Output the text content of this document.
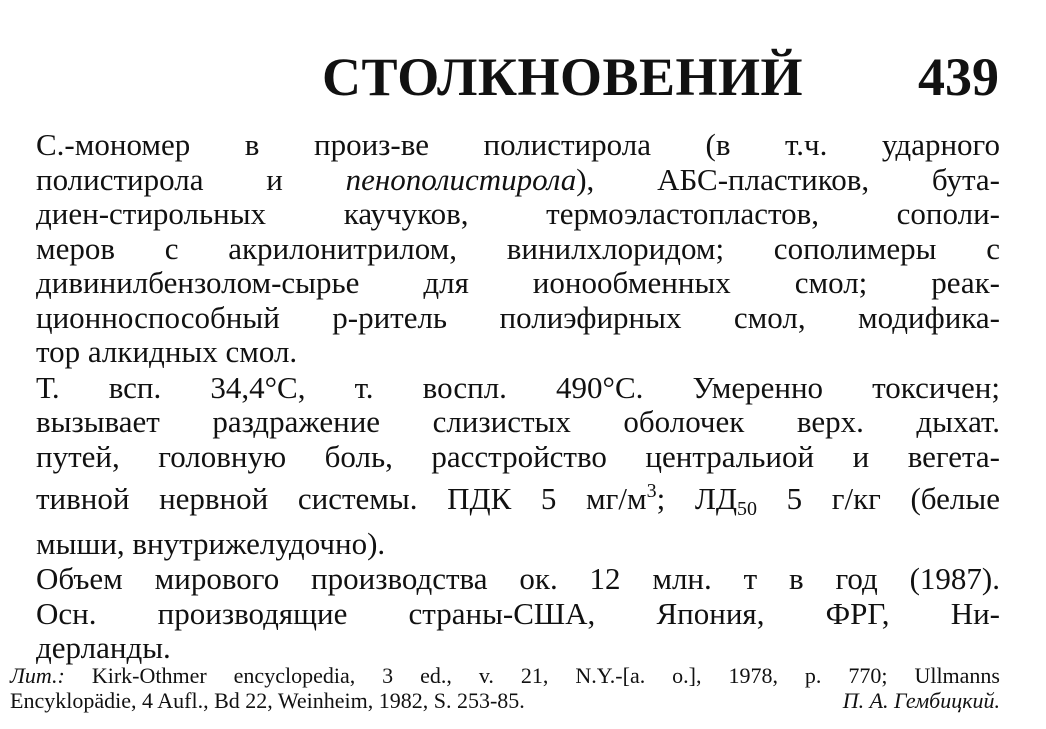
СТОЛКНОВЕНИЙ 439
С.-мономер в произ-ве полистирола (в т.ч. ударного
полистирола и пенополистирола), АБС-пластиков, бута-
диен-стирольных каучуков, термоэластопластов, сополи-
меров с акрилонитрилом, винилхлоридом; сополимеры с
дивинилбензолом-сырье для ионообменных смол; реак-
ционноспособный р-ритель полиэфирных смол, модифика-
тор алкидных смол.
Т. всп. 34,4°С, т. воспл. 490°С. Умеренно токсичен;
вызывает раздражение слизистых оболочек верх. дыхат.
путей, головную боль, расстройство центральиой и вегета-
тивной нервной системы. ПДК 5 $мг/м^3$; $ЛД_{50}$ 5 г/кг (белые
мыши, внутрижелудочно).
Объем мирового производства ок. 12 млн. т в год (1987).
Осн. производящие страны-США, Япония, ФРГ, Ни-
дерланды.
Лит.: Kirk-Othmer encyclopedia, 3 ed., v. 21, N.Y.-[a. o.], 1978, p. 770; Ullmanns
Encyklopädie, 4 Aufl., Bd 22, Weinheim, 1982, S. 253-85.	П. А. Гембицкий.
